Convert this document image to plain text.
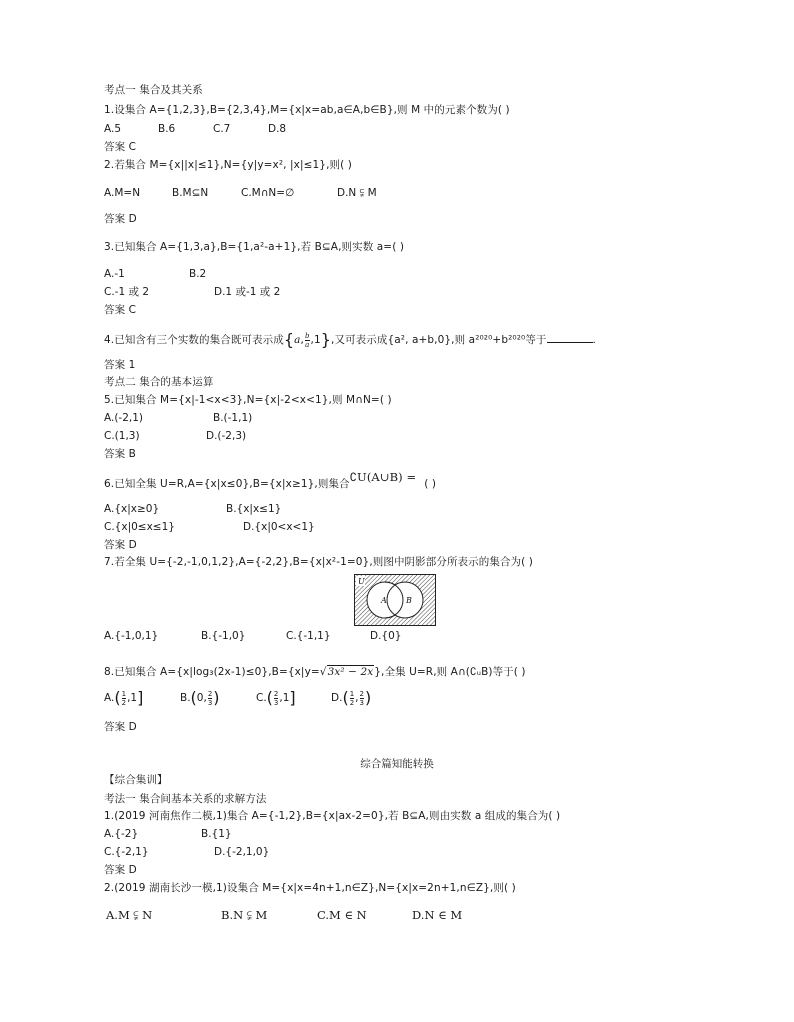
考点一 集合及其关系
1.设集合 A={1,2,3},B={2,3,4},M={x|x=ab,a∈A,b∈B},则 M 中的元素个数为( )
A.5	B.6	C.7	D.8
答案 C
2.若集合 M={x||x|≤1},N={y|y=x², |x|≤1},则( )
A.M=N	B.M⊆N	C.M∩N=∅	D.N ⫋ M
答案 D
3.已知集合 A={1,3,a},B={1,a²-a+1},若 B⊆A,则实数 a=( )
A.-1	B.2
C.-1 或 2	D.1 或-1 或 2
答案 C
4.已知含有三个实数的集合既可表示成{a, $\frac{b}{a} ,1$},又可表示成{a², a+b,0},则 a²⁰²⁰+b²⁰²⁰等于	.
答案 1
考点二 集合的基本运算
5.已知集合 M={x|-1<x<3},N={x|-2<x<1},则 M∩N=( )
A.(-2,1)	B.(-1,1)
C.(1,3)	D.(-2,3)
答案 B
6.已知全集 U=R,A={x|x≤0},B={x|x≥1},则集合∁U(A∪B) = ( )
A.{x|x≥0}	B.{x|x≤1}
C.{x|0≤x≤1}	D.{x|0<x<1}
答案 D
7.若全集 U={-2,-1,0,1,2},A={-2,2},B={x|x²-1=0},则图中阴影部分所表示的集合为( )
U
A B
A.{-1,0,1}	B.{-1,0}	C.{-1,1}	D.{0}
8.已知集合 A={x|log₃(2x-1)≤0},B={x|y=√3x² − 2x},全集 U=R,则 A∩(∁ᵤB)等于( )
$A.( \frac{1}{2} ,1]$	B.(0, $\frac{2}{3}$ )	$C.( \frac{2}{3} ,1]$	$D.( \frac{1}{2}$ , $\frac{2}{3}$ )
答案 D
综合篇知能转换
【综合集训】
考法一 集合间基本关系的求解方法
1.(2019 河南焦作二模,1)集合 A={-1,2},B={x|ax-2=0},若 B⊆A,则由实数 a 组成的集合为( )
A.{-2}	B.{1}
C.{-2,1}	D.{-2,1,0}
答案 D
2.(2019 湖南长沙一模,1)设集合 M={x|x=4n+1,n∈Z},N={x|x=2n+1,n∈Z},则( )
A.M ⫋ N	B.N ⫋ M	C.M ∈ N	D.N ∈ M
